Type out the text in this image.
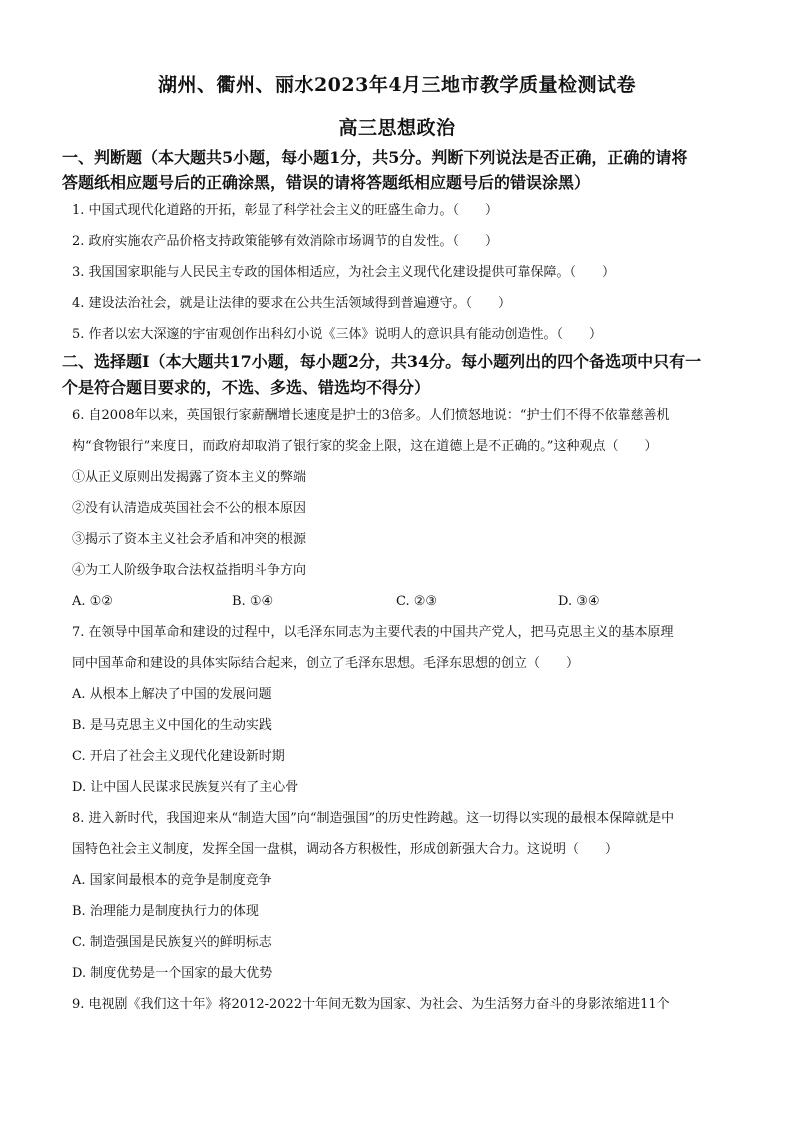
湖州、衢州、丽水2023年4月三地市教学质量检测试卷
高三思想政治
一、判断题（本大题共5小题，每小题1分，共5分。判断下列说法是否正确，正确的请将
答题纸相应题号后的正确涂黑，错误的请将答题纸相应题号后的错误涂黑）
1. 中国式现代化道路的开拓，彰显了科学社会主义的旺盛生命力。（　　）
2. 政府实施农产品价格支持政策能够有效消除市场调节的自发性。（　　）
3. 我国国家职能与人民民主专政的国体相适应，为社会主义现代化建设提供可靠保障。（　　）
4. 建设法治社会，就是让法律的要求在公共生活领域得到普遍遵守。（　　）
5. 作者以宏大深邃的宇宙观创作出科幻小说《三体》说明人的意识具有能动创造性。（　　）
二、选择题Ⅰ（本大题共17小题，每小题2分，共34分。每小题列出的四个备选项中只有一
个是符合题目要求的，不选、多选、错选均不得分）
6. 自2008年以来，英国银行家薪酬增长速度是护士的3倍多。人们愤怒地说：“护士们不得不依靠慈善机
构“食物银行”来度日，而政府却取消了银行家的奖金上限，这在道德上是不正确的。”这种观点（　　）
①从正义原则出发揭露了资本主义的弊端
②没有认清造成英国社会不公的根本原因
③揭示了资本主义社会矛盾和冲突的根源
④为工人阶级争取合法权益指明斗争方向
A. ①②	B. ①④	C. ②③	D. ③④
7. 在领导中国革命和建设的过程中，以毛泽东同志为主要代表的中国共产党人，把马克思主义的基本原理
同中国革命和建设的具体实际结合起来，创立了毛泽东思想。毛泽东思想的创立（　　）
A. 从根本上解决了中国的发展问题
B. 是马克思主义中国化的生动实践
C. 开启了社会主义现代化建设新时期
D. 让中国人民谋求民族复兴有了主心骨
8. 进入新时代，我国迎来从“制造大国”向“制造强国”的历史性跨越。这一切得以实现的最根本保障就是中
国特色社会主义制度，发挥全国一盘棋，调动各方积极性，形成创新强大合力。这说明（　　）
A. 国家间最根本的竞争是制度竞争
B. 治理能力是制度执行力的体现
C. 制造强国是民族复兴的鲜明标志
D. 制度优势是一个国家的最大优势
9. 电视剧《我们这十年》将2012-2022十年间无数为国家、为社会、为生活努力奋斗的身影浓缩进11个
